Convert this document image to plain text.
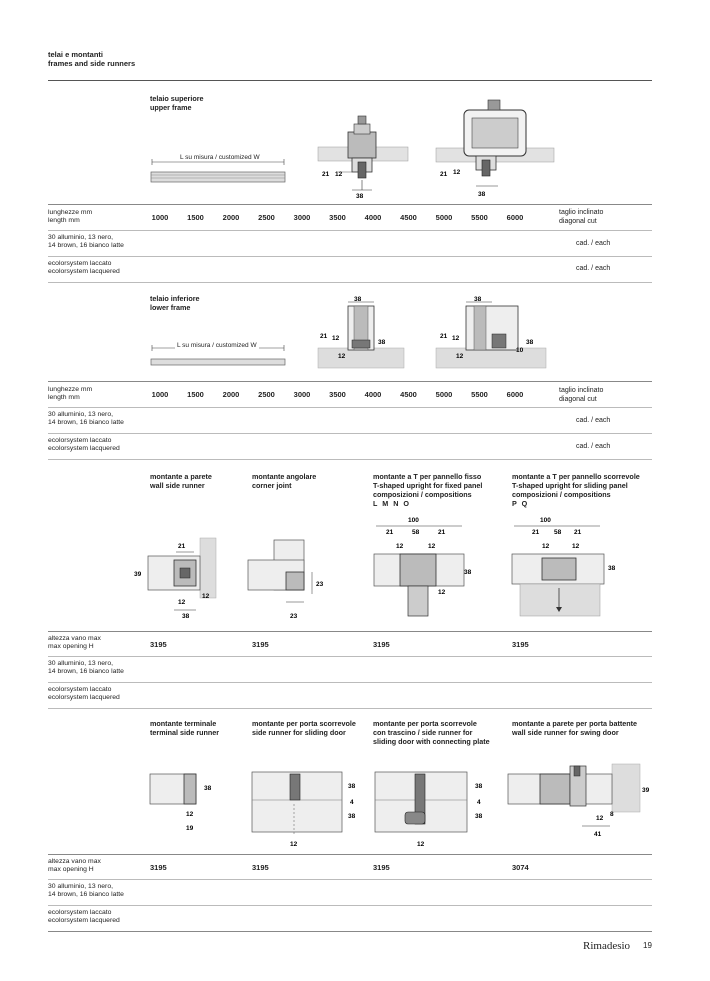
telai e montanti
frames and side runners
telaio superiore
upper frame
L su misura / customized W
21 12
38
21 12
38
lunghezze mm
length mm	1000	1500	2000	2500	3000	3500	4000	4500	5000	5500	6000
taglio inclinato
diagonal cut
30 alluminio, 13 nero,
14 brown, 16 bianco latte	cad. / each
ecolorsystem laccato
ecolorsystem lacquered	cad. / each
telaio inferiore
lower frame
L su misura / customized W
38
21 12
38
12
38
21 12
38
10
12
lunghezze mm
length mm	1000	1500	2000	2500	3000	3500	4000	4500	5000	5500	6000	taglio inclinato
diagonal cut
30 alluminio, 13 nero,
14 brown, 16 bianco latte	cad. / each
ecolorsystem laccato
ecolorsystem lacquered	cad. / each
montante a parete
wall side runner
montante angolare
corner joint
montante a T per pannello fisso
T-shaped upright for fixed panel
composizioni / compositions
L M N O
montante a T per pannello scorrevole
T-shaped upright for sliding panel
composizioni / compositions
P Q
21
39
12
12
38
23
23
100
21	58	21
12	12
38
12
100
21 58 21
12	12
38
altezza vano max
max opening H	3195	3195	3195	3195
30 alluminio, 13 nero,
14 brown, 16 bianco latte
ecolorsystem laccato
ecolorsystem lacquered
montante terminale
terminal side runner
montante per porta scorrevole
side runner for sliding door
montante per porta scorrevole
con trascino / side runner for
sliding door with connecting plate
montante a parete per porta battente
wall side runner for swing door
38
12
19
38
4
38
12
38
4
38
12
39
12
8
41
altezza vano max
max opening H	3195	3195	3195	3074
30 alluminio, 13 nero,
14 brown, 16 bianco latte
ecolorsystem laccato
ecolorsystem lacquered
Rimadesio 19
